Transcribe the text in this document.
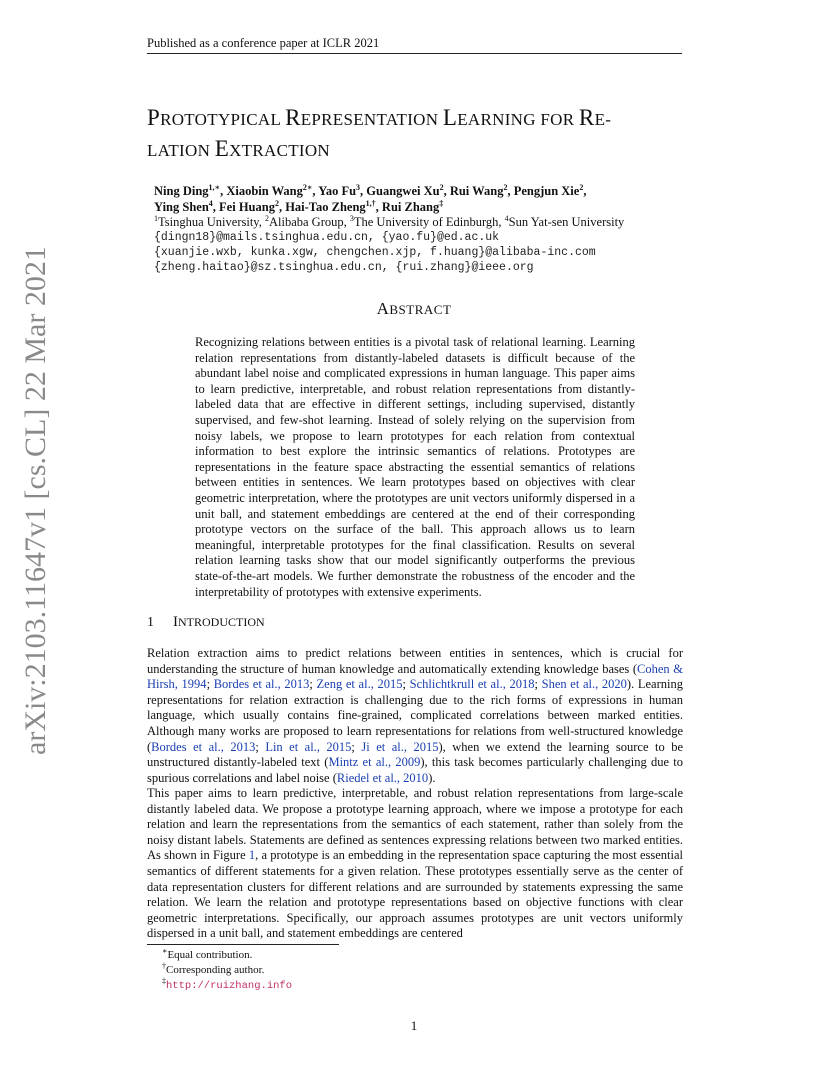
Published as a conference paper at ICLR 2021
arXiv:2103.11647v1 [cs.CL] 22 Mar 2021
PROTOTYPICAL REPRESENTATION LEARNING FOR RE-
LATION EXTRACTION
Ning Ding$^{1,∗}$, Xiaobin Wang$^{2∗}$, Yao Fu$^3$, Guangwei Xu$^2$, Rui Wang$^2$, Pengjun Xie$^2$,
Ying Shen$^4$, Fei Huang$^2$, Hai-Tao Zheng$^{1,\dagger}$, Rui Zhang‡
$^1$Tsinghua University, $^2$Alibaba Group, $^3$The University of Edinburgh, $^4$Sun Yat-sen University
{dingn18}@mails.tsinghua.edu.cn, {yao.fu}@ed.ac.uk
{xuanjie.wxb, kunka.xgw, chengchen.xjp, f.huang}@alibaba-inc.com
{zheng.haitao}@sz.tsinghua.edu.cn, {rui.zhang}@ieee.org
ABSTRACT
Recognizing relations between entities is a pivotal task of relational learning. Learning relation representations from distantly-labeled datasets is difficult because of the abundant label noise and complicated expressions in human language. This paper aims to learn predictive, interpretable, and robust relation representations from distantly-labeled data that are effective in different settings, including supervised, distantly supervised, and few-shot learning. Instead of solely relying on the supervision from noisy labels, we propose to learn prototypes for each relation from contextual information to best explore the intrinsic semantics of relations. Prototypes are representations in the feature space abstracting the essential semantics of relations between entities in sentences. We learn prototypes based on objectives with clear geometric interpretation, where the prototypes are unit vectors uniformly dispersed in a unit ball, and statement embeddings are centered at the end of their corresponding prototype vectors on the surface of the ball. This approach allows us to learn meaningful, interpretable prototypes for the final classification. Results on several relation learning tasks show that our model significantly outperforms the previous state-of-the-art models. We further demonstrate the robustness of the encoder and the interpretability of prototypes with extensive experiments.
1 INTRODUCTION
Relation extraction aims to predict relations between entities in sentences, which is crucial for understanding the structure of human knowledge and automatically extending knowledge bases (Cohen & Hirsh, 1994; Bordes et al., 2013; Zeng et al., 2015; Schlichtkrull et al., 2018; Shen et al., 2020). Learning representations for relation extraction is challenging due to the rich forms of expressions in human language, which usually contains fine-grained, complicated correlations between marked entities. Although many works are proposed to learn representations for relations from well-structured knowledge (Bordes et al., 2013; Lin et al., 2015; Ji et al., 2015), when we extend the learning source to be unstructured distantly-labeled text (Mintz et al., 2009), this task becomes particularly challenging due to spurious correlations and label noise (Riedel et al., 2010).
This paper aims to learn predictive, interpretable, and robust relation representations from large-scale distantly labeled data. We propose a prototype learning approach, where we impose a prototype for each relation and learn the representations from the semantics of each statement, rather than solely from the noisy distant labels. Statements are defined as sentences expressing relations between two marked entities. As shown in Figure 1, a prototype is an embedding in the representation space capturing the most essential semantics of different statements for a given relation. These prototypes essentially serve as the center of data representation clusters for different relations and are surrounded by statements expressing the same relation. We learn the relation and prototype representations based on objective functions with clear geometric interpretations. Specifically, our approach assumes prototypes are unit vectors uniformly dispersed in a unit ball, and statement embeddings are centered
∗Equal contribution.
†Corresponding author.
‡http://ruizhang.info
1
